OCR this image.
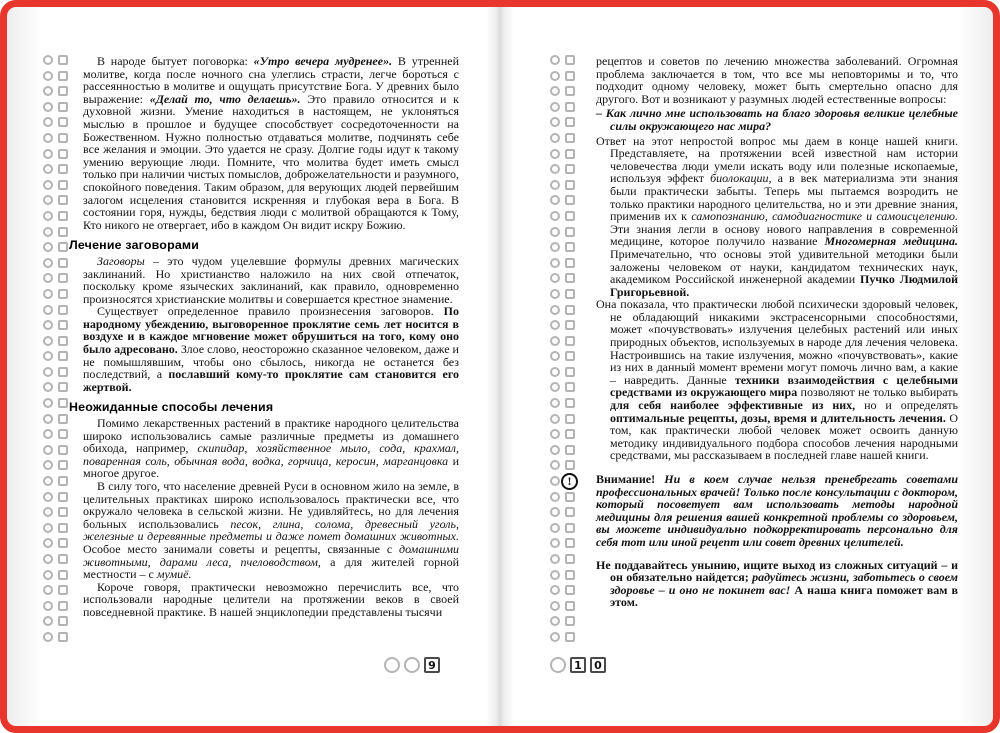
В народе бытует поговорка: «Утро вечера мудренее». В утренней молитве, когда после ночного сна улеглись страсти, легче бороться с рассеянностью в молитве и ощущать присутствие Бога. У древних было выражение: «Делай то, что делаешь». Это правило относится и к духовной жизни. Умение находиться в настоящем, не уклоняться мыслью в прошлое и будущее способствует сосредоточенности на Божественном. Нужно полностью отдаваться молитве, подчинять себе все желания и эмоции. Это удается не сразу. Долгие годы идут к такому умению верующие люди. Помните, что молитва будет иметь смысл только при наличии чистых помыслов, доброжелательности и разумного, спокойного поведения. Таким образом, для верующих людей первейшим залогом исцеления становится искренняя и глубокая вера в Бога. В состоянии горя, нужды, бедствия люди с молитвой обращаются к Тому, Кто никого не отвергает, ибо в каждом Он видит искру Божию.
Лечение заговорами
Заговоры – это чудом уцелевшие формулы древних магических заклинаний. Но христианство наложило на них свой отпечаток, поскольку кроме языческих заклинаний, как правило, одновременно произносятся христианские молитвы и совершается крестное знамение.
Существует определенное правило произнесения заговоров. По народному убеждению, выговоренное проклятие семь лет носится в воздухе и в каждое мгновение может обрушиться на того, кому оно было адресовано. Злое слово, неосторожно сказанное человеком, даже и не помышлявшим, чтобы оно сбылось, никогда не останется без последствий, а пославший кому-то проклятие сам становится его жертвой.
Неожиданные способы лечения
Помимо лекарственных растений в практике народного целительства широко использовались самые различные предметы из домашнего обихода, например, скипидар, хозяйственное мыло, сода, крахмал, поваренная соль, обычная вода, водка, горчица, керосин, марганцовка и многое другое.
В силу того, что население древней Руси в основном жило на земле, в целительных практиках широко использовалось практически все, что окружало человека в сельской жизни. Не удивляйтесь, но для лечения больных использовались песок, глина, солома, древесный уголь, железные и деревянные предметы и даже помет домашних животных. Особое место занимали советы и рецепты, связанные с домашними животными, дарами леса, пчеловодством, а для жителей горной местности – с мумиё.
Короче говоря, практически невозможно перечислить все, что использовали народные целители на протяжении веков в своей повседневной практике. В нашей энциклопедии представлены тысячи
9
рецептов и советов по лечению множества заболеваний. Огромная проблема заключается в том, что все мы неповторимы и то, что подходит одному человеку, может быть смертельно опасно для другого. Вот и возникают у разумных людей естественные вопросы:
– Как лично мне использовать на благо здоровья великие целебные силы окружающего нас мира?
Ответ на этот непростой вопрос мы даем в конце нашей книги. Представляете, на протяжении всей известной нам истории человечества люди умели искать воду или полезные ископаемые, используя эффект биолокации, а в век материализма эти знания были практически забыты. Теперь мы пытаемся возродить не только практики народного целительства, но и эти древние знания, применив их к самопознанию, самодиагностике и самоисцелению. Эти знания легли в основу нового направления в современной медицине, которое получило название Многомерная медицина. Примечательно, что основы этой удивительной методики были заложены человеком от науки, кандидатом технических наук, академиком Российской инженерной академии Пучко Людмилой Григорьевной.
Она показала, что практически любой психически здоровый человек, не обладающий никакими экстрасенсорными способностями, может «почувствовать» излучения целебных растений или иных природных объектов, используемых в народе для лечения человека. Настроившись на такие излучения, можно «почувствовать», какие из них в данный момент времени могут помочь лично вам, а какие – навредить. Данные техники взаимодействия с целебными средствами из окружающего мира позволяют не только выбирать для себя наиболее эффективные из них, но и определять оптимальные рецепты, дозы, время и длительность лечения. О том, как практически любой человек может освоить данную методику индивидуального подбора способов лечения народными средствами, мы рассказываем в последней главе нашей книги.
!	Внимание! Ни в коем случае нельзя пренебрегать советами профессиональных врачей! Только после консультации с доктором, который посоветует вам использовать методы народной медицины для решения вашей конкретной проблемы со здоровьем, вы можете индивидуально подкорректировать персонально для себя тот или иной рецепт или совет древних целителей.
Не поддавайтесь унынию, ищите выход из сложных ситуаций – и он обязательно найдется; радуйтесь жизни, заботьтесь о своем здоровье – и оно не покинет вас! А наша книга поможет вам в этом.
1	0
